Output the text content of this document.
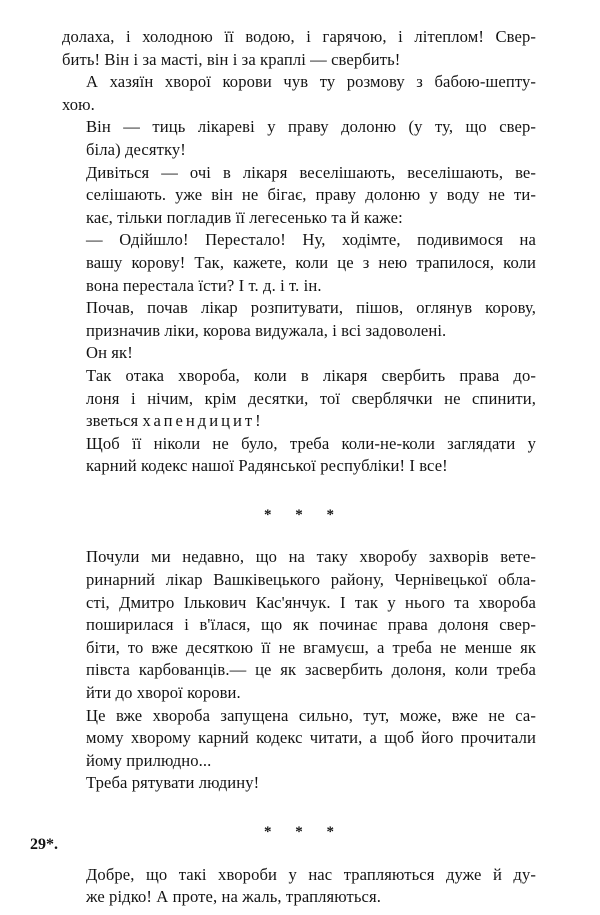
долаха, і холодною її водою, і гарячою, і літеплом! Свер-
бить! Він і за масті, він і за краплі — свербить!

А хазяїн хворої корови чув ту розмову з бабою-шепту-
хою.

Він — тиць лікареві у праву долоню (у ту, що свер-
біла) десятку!

Дивіться — очі в лікаря веселішають, веселішають, ве-
селішають. уже він не бігає, праву долоню у воду не ти-
кає, тільки погладив її легесенько та й каже:

— Одійшло! Перестало! Ну, ходімте, подивимося на
вашу корову! Так, кажете, коли це з нею трапилося, коли
вона перестала їсти? І т. д. і т. ін.

Почав, почав лікар розпитувати, пішов, оглянув корову,
призначив ліки, корова видужала, і всі задоволені.

Он як!

Так отака хвороба, коли в лікаря свербить права до-
лоня і нічим, крім десятки, тої сверблячки не спинити,
зветься хапендицит!

Щоб її ніколи не було, треба коли-не-коли заглядати у
карний кодекс нашої Радянської республіки! І все!

* * *

Почули ми недавно, що на таку хворобу захворів вете-
ринарний лікар Вашківецького району, Чернівецької обла-
сті, Дмитро Ількович Кас'янчук. І так у нього та хвороба
поширилася і в'їлася, що як починає права долоня свер-
біти, то вже десяткою її не вгамуєш, а треба не менше як
півста карбованців.— це як засвербить долоня, коли треба
йти до хворої корови.

Це вже хвороба запущена сильно, тут, може, вже не са-
мому хворому карний кодекс читати, а щоб його прочитали
йому прилюдно...

Треба рятувати людину!

* * *

Добре, що такі хвороби у нас трапляються дуже й ду-
же рідко! А проте, на жаль, трапляються.

29*.
